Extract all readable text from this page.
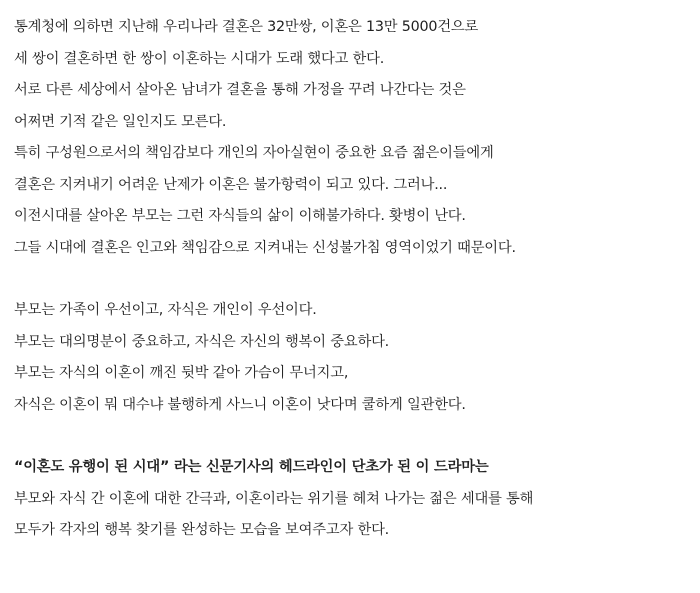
통계청에 의하면 지난해 우리나라 결혼은 32만쌍, 이혼은 13만 5000건으로
세 쌍이 결혼하면 한 쌍이 이혼하는 시대가 도래 했다고 한다.
서로 다른 세상에서 살아온 남녀가 결혼을 통해 가정을 꾸려 나간다는 것은
어쩌면 기적 같은 일인지도 모른다.
특히 구성원으로서의 책임감보다 개인의 자아실현이 중요한 요즘 젊은이들에게
결혼은 지켜내기 어려운 난제가 이혼은 불가항력이 되고 있다. 그러나...
이전시대를 살아온 부모는 그런 자식들의 삶이 이해불가하다. 홧병이 난다.
그들 시대에 결혼은 인고와 책임감으로 지켜내는 신성불가침 영역이었기 때문이다.
부모는 가족이 우선이고, 자식은 개인이 우선이다.
부모는 대의명분이 중요하고, 자식은 자신의 행복이 중요하다.
부모는 자식의 이혼이 깨진 뒷박 같아 가슴이 무너지고,
자식은 이혼이 뭐 대수냐 불행하게 사느니 이혼이 낫다며 쿨하게 일관한다.
“이혼도 유행이 된 시대” 라는 신문기사의 헤드라인이 단초가 된 이 드라마는
부모와 자식 간 이혼에 대한 간극과, 이혼이라는 위기를 헤쳐 나가는 젊은 세대를 통해
모두가 각자의 행복 찾기를 완성하는 모습을 보여주고자 한다.
